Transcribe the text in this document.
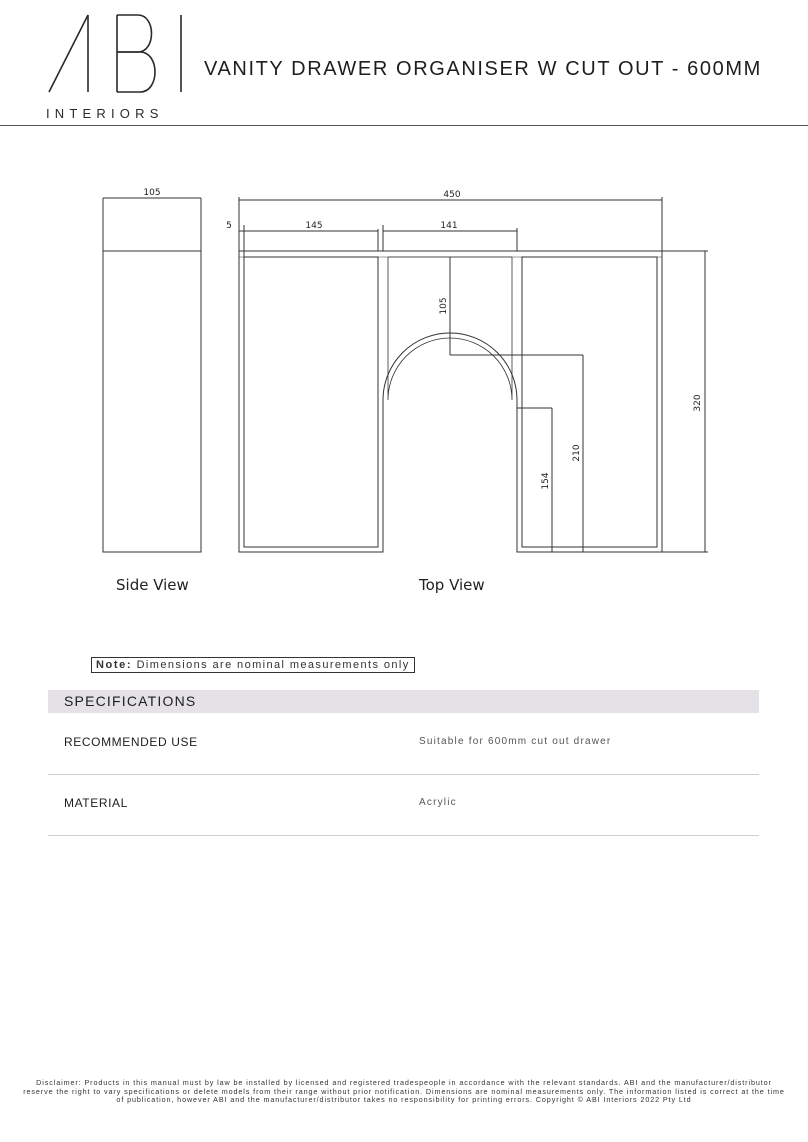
INTERIORS
VANITY DRAWER ORGANISER W CUT OUT - 600MM
105	450
5	145	141
105
320
210
154
Side View	Top View
Note: Dimensions are nominal measurements only
SPECIFICATIONS
RECOMMENDED USE	Suitable for 600mm cut out drawer
MATERIAL	Acrylic
Disclaimer: Products in this manual must by law be installed by licensed and registered tradespeople in accordance with the relevant standards. ABI and the manufacturer/distributor reserve the right to vary specifications or delete models from their range without prior notification. Dimensions are nominal measurements only. The information listed is correct at the time of publication, however ABI and the manufacturer/distributor takes no responsibility for printing errors. Copyright © ABI Interiors 2022 Pty Ltd
